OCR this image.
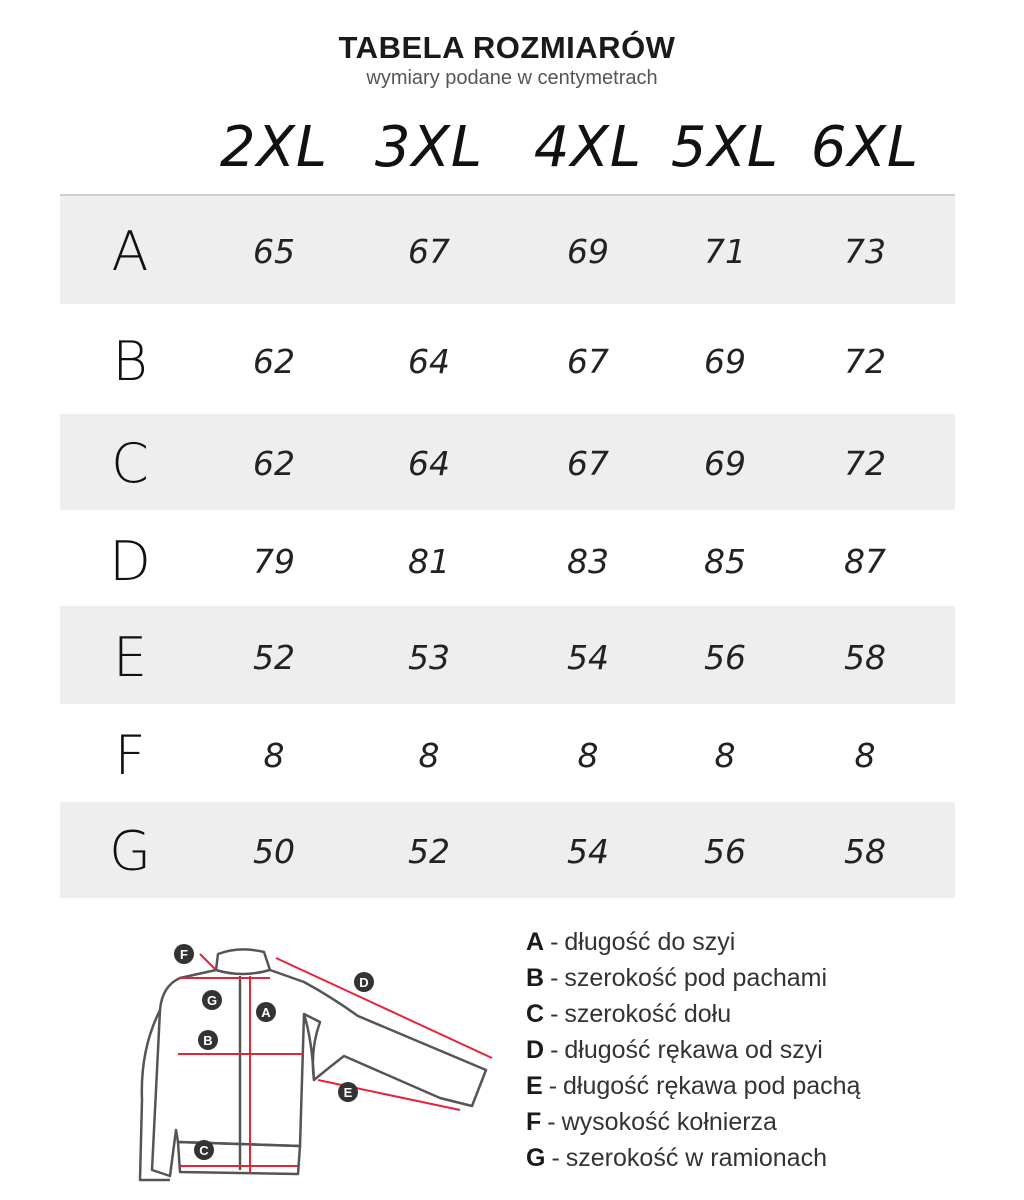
TABELA ROZMIARÓW
wymiary podane w centymetrach
2XL 3XL 4XL 5XL 6XL
A	65	67	69	71	73
B	62	64	67	69	72
C	62	64	67	69	72
D	79	81	83	85	87
E	52	53	54	56	58
F	8	8	8	8	8
G	50	52	54	56	58
F
G
A
B
C
D
E
A - długość do szyi
B - szerokość pod pachami
C - szerokość dołu
D - długość rękawa od szyi
E - długość rękawa pod pachą
F - wysokość kołnierza
G - szerokość w ramionach
